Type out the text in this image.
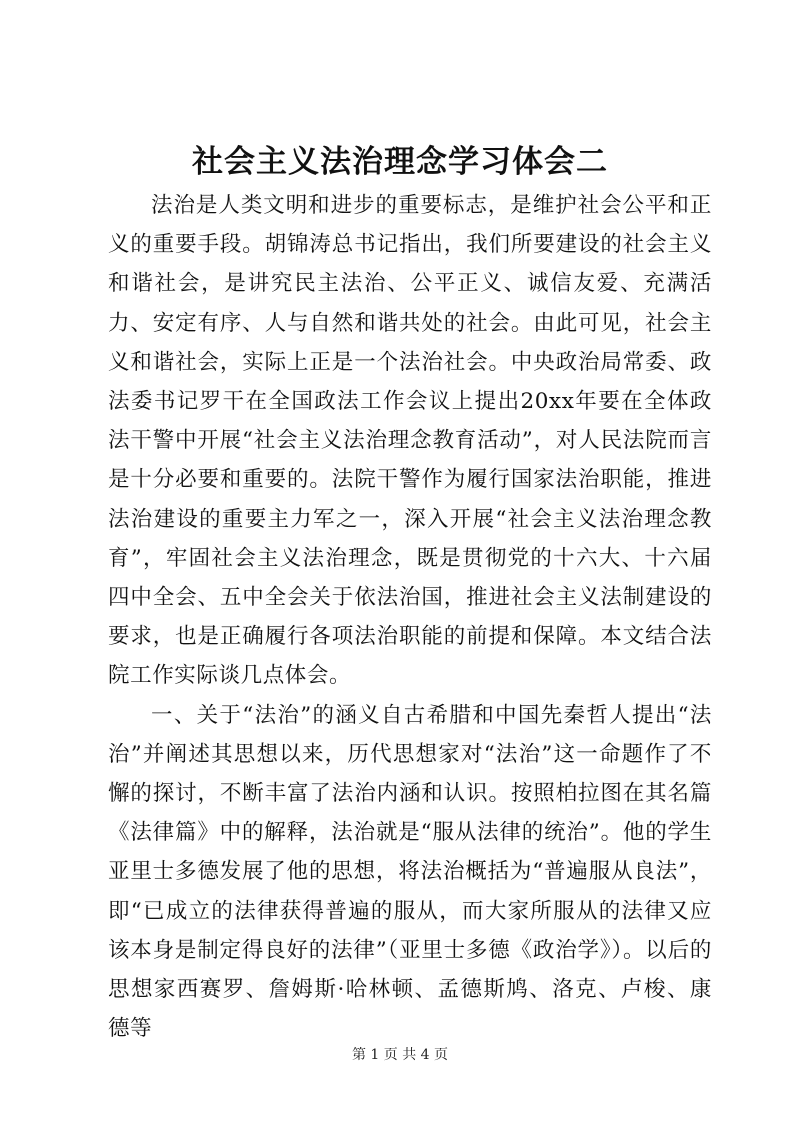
社会主义法治理念学习体会二

法治是人类文明和进步的重要标志，是维护社会公平和正义的重要手段。胡锦涛总书记指出，我们所要建设的社会主义和谐社会，是讲究民主法治、公平正义、诚信友爱、充满活力、安定有序、人与自然和谐共处的社会。由此可见，社会主义和谐社会，实际上正是一个法治社会。中央政治局常委、政法委书记罗干在全国政法工作会议上提出20xx年要在全体政法干警中开展“社会主义法治理念教育活动”，对人民法院而言是十分必要和重要的。法院干警作为履行国家法治职能，推进法治建设的重要主力军之一，深入开展“社会主义法治理念教育”，牢固社会主义法治理念，既是贯彻党的十六大、十六届四中全会、五中全会关于依法治国，推进社会主义法制建设的要求，也是正确履行各项法治职能的前提和保障。本文结合法院工作实际谈几点体会。

一、关于“法治”的涵义自古希腊和中国先秦哲人提出“法治”并阐述其思想以来，历代思想家对“法治”这一命题作了不懈的探讨，不断丰富了法治内涵和认识。按照柏拉图在其名篇《法律篇》中的解释，法治就是“服从法律的统治”。他的学生亚里士多德发展了他的思想，将法治概括为“普遍服从良法”，即“已成立的法律获得普遍的服从，而大家所服从的法律又应该本身是制定得良好的法律”（亚里士多德《政治学》）。以后的思想家西赛罗、詹姆斯·哈林顿、孟德斯鸠、洛克、卢梭、康德等

第 1 页 共 4 页
